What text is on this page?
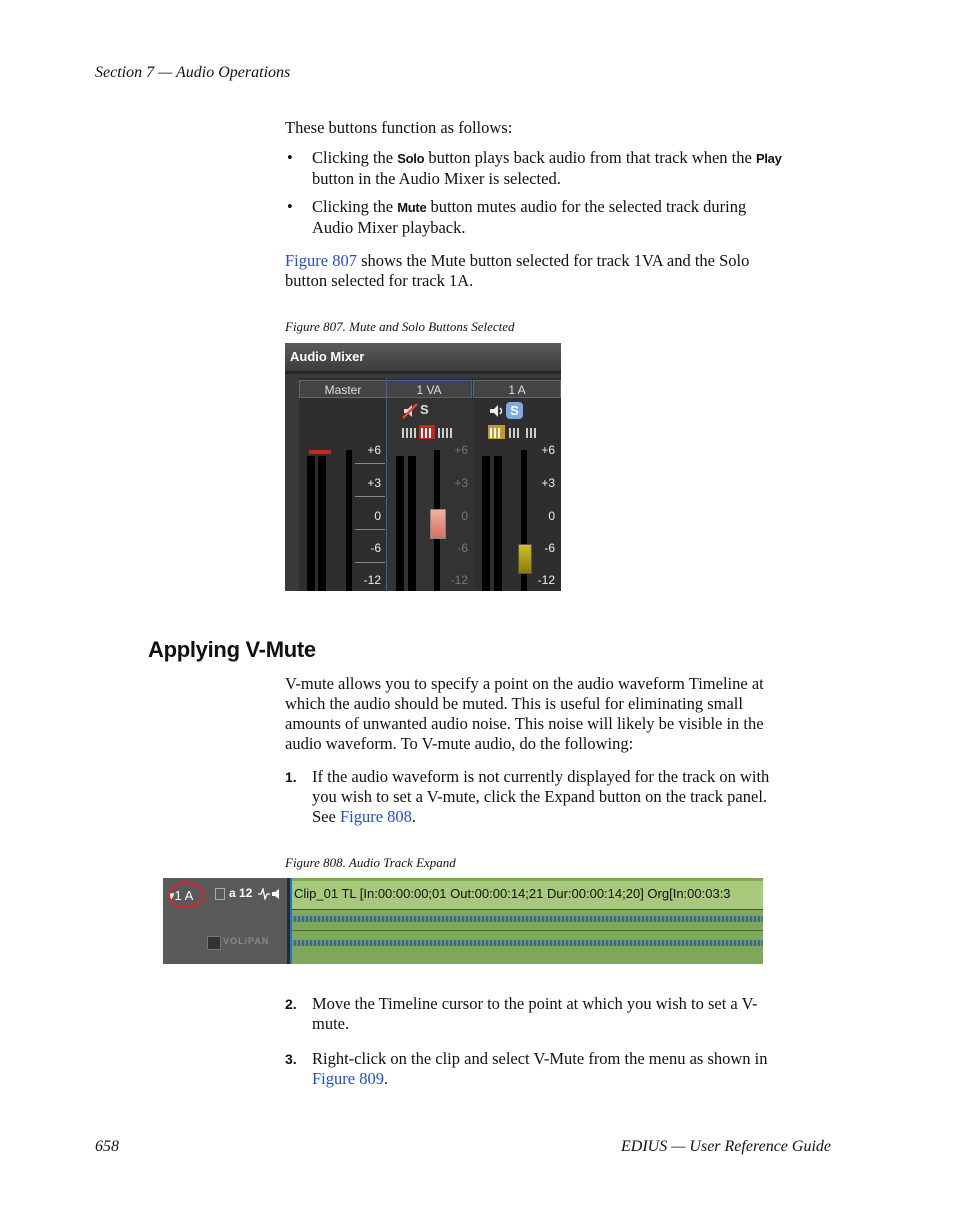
Section 7 — Audio Operations
These buttons function as follows:
• Clicking the Solo button plays back audio from that track when the Play
button in the Audio Mixer is selected.
• Clicking the Mute button mutes audio for the selected track during
Audio Mixer playback.
Figure 807 shows the Mute button selected for track 1VA and the Solo
button selected for track 1A.
Figure 807. Mute and Solo Buttons Selected
Audio Mixer
Master	1 VA	1 A
S	S
+6
+3
0
-6
-12
+6
+3
0
-6
-12
+6
+3
0
-6
-12
Applying V-Mute
V-mute allows you to specify a point on the audio waveform Timeline at
which the audio should be muted. This is useful for eliminating small
amounts of unwanted audio noise. This noise will likely be visible in the
audio waveform. To V-mute audio, do the following:
1. If the audio waveform is not currently displayed for the track on with
you wish to set a V-mute, click the Expand button on the track panel.
See Figure 808.
Figure 808. Audio Track Expand
▾1 A	a 12
VOL/PAN
Clip_01 TL [In:00:00:00;01 Out:00:00:14;21 Dur:00:00:14;20] Org[In:00:03:3
2. Move the Timeline cursor to the point at which you wish to set a V-
mute.
3. Right-click on the clip and select V-Mute from the menu as shown in
Figure 809.
658	EDIUS — User Reference Guide
